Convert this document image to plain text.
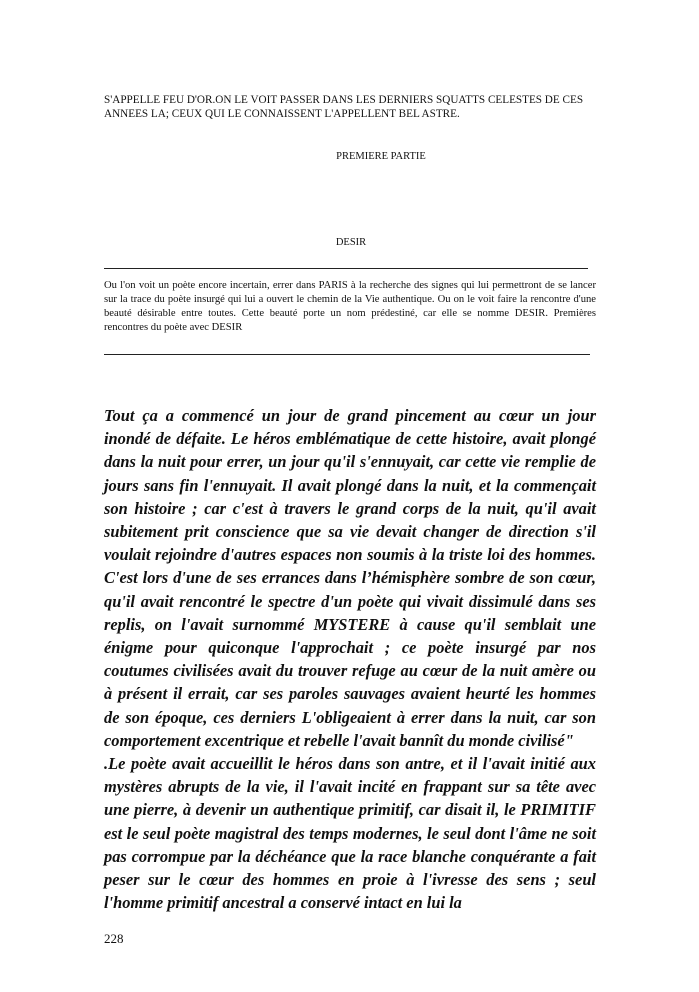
S'APPELLE FEU D'OR.ON LE VOIT PASSER DANS LES DERNIERS SQUATTS CELESTES DE CES ANNEES LA; CEUX QUI LE CONNAISSENT L'APPELLENT BEL ASTRE.

PREMIERE PARTIE

DESIR

Ou l'on voit un poète encore incertain, errer dans PARIS à la recherche des signes qui lui permettront de se lancer sur la trace du poète insurgé qui lui a ouvert le chemin de la Vie authentique. Ou on le voit faire la rencontre d'une beauté désirable entre toutes. Cette beauté porte un nom prédestiné, car elle se nomme DESIR. Premières rencontres du poète avec DESIR

Tout ça a commencé un jour de grand pincement au cœur un jour inondé de défaite. Le héros emblématique de cette histoire, avait plongé dans la nuit pour errer, un jour qu'il s'ennuyait, car cette vie remplie de jours sans fin l'ennuyait. Il avait plongé dans la nuit, et la commençait son histoire ; car c'est à travers le grand corps de la nuit, qu'il avait subitement prit conscience que sa vie devait changer de direction s'il voulait rejoindre d'autres espaces non soumis à la triste loi des hommes. C'est lors d'une de ses errances dans l’hémisphère sombre de son cœur, qu'il avait rencontré le spectre d'un poète qui vivait dissimulé dans ses replis, on l'avait surnommé MYSTERE à cause qu'il semblait une énigme pour quiconque l'approchait ; ce poète insurgé par nos coutumes civilisées avait du trouver refuge au cœur de la nuit amère ou à présent il errait, car ses paroles sauvages avaient heurté les hommes de son époque, ces derniers L'obligeaient à errer dans la nuit, car son comportement excentrique et rebelle l'avait bannît du monde civilisé"

.Le poète avait accueillit le héros dans son antre, et il l'avait initié aux mystères abrupts de la vie, il l'avait incité en frappant sur sa tête avec une pierre, à devenir un authentique primitif, car disait il, le PRIMITIF est le seul poète magistral des temps modernes, le seul dont l'âme ne soit pas corrompue par la déchéance que la race blanche conquérante a fait peser sur le cœur des hommes en proie à l'ivresse des sens ; seul l'homme primitif ancestral a conservé intact en lui la

228
